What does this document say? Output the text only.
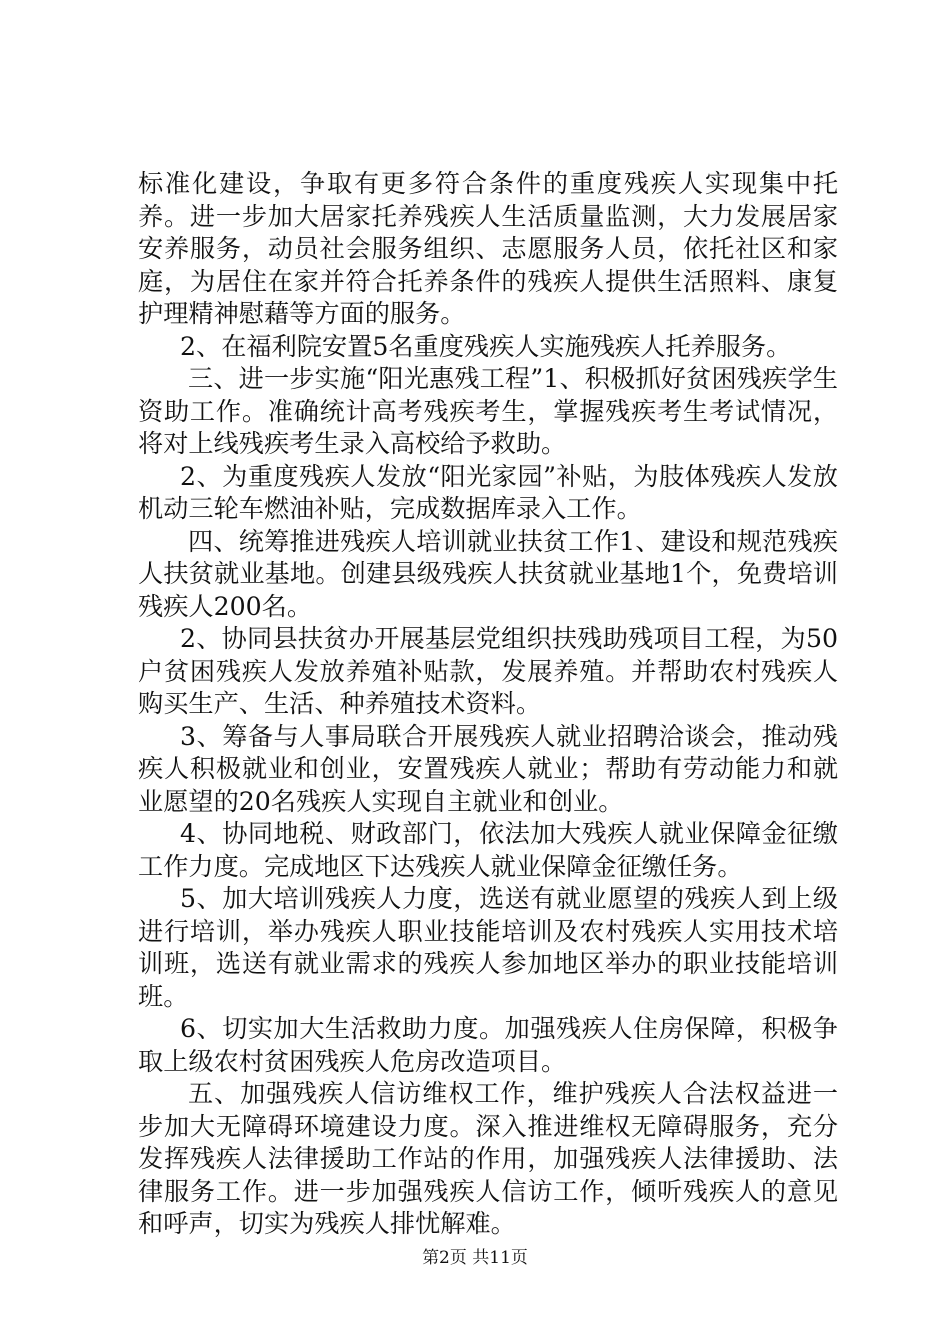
标准化建设，争取有更多符合条件的重度残疾人实现集中托养。进一步加大居家托养残疾人生活质量监测，大力发展居家安养服务，动员社会服务组织、志愿服务人员，依托社区和家庭，为居住在家并符合托养条件的残疾人提供生活照料、康复护理精神慰藉等方面的服务。

2、在福利院安置5名重度残疾人实施残疾人托养服务。

三、进一步实施“阳光惠残工程”1、积极抓好贫困残疾学生资助工作。准确统计高考残疾考生，掌握残疾考生考试情况，将对上线残疾考生录入高校给予救助。

2、为重度残疾人发放“阳光家园”补贴，为肢体残疾人发放机动三轮车燃油补贴，完成数据库录入工作。

四、统筹推进残疾人培训就业扶贫工作1、建设和规范残疾人扶贫就业基地。创建县级残疾人扶贫就业基地1个，免费培训残疾人200名。

2、协同县扶贫办开展基层党组织扶残助残项目工程，为50户贫困残疾人发放养殖补贴款，发展养殖。并帮助农村残疾人购买生产、生活、种养殖技术资料。

3、筹备与人事局联合开展残疾人就业招聘洽谈会，推动残疾人积极就业和创业，安置残疾人就业；帮助有劳动能力和就业愿望的20名残疾人实现自主就业和创业。

4、协同地税、财政部门，依法加大残疾人就业保障金征缴工作力度。完成地区下达残疾人就业保障金征缴任务。

5、加大培训残疾人力度，选送有就业愿望的残疾人到上级进行培训，举办残疾人职业技能培训及农村残疾人实用技术培训班，选送有就业需求的残疾人参加地区举办的职业技能培训班。

6、切实加大生活救助力度。加强残疾人住房保障，积极争取上级农村贫困残疾人危房改造项目。

五、加强残疾人信访维权工作，维护残疾人合法权益进一步加大无障碍环境建设力度。深入推进维权无障碍服务，充分发挥残疾人法律援助工作站的作用，加强残疾人法律援助、法律服务工作。进一步加强残疾人信访工作，倾听残疾人的意见和呼声，切实为残疾人排忧解难。

第2页 共11页
